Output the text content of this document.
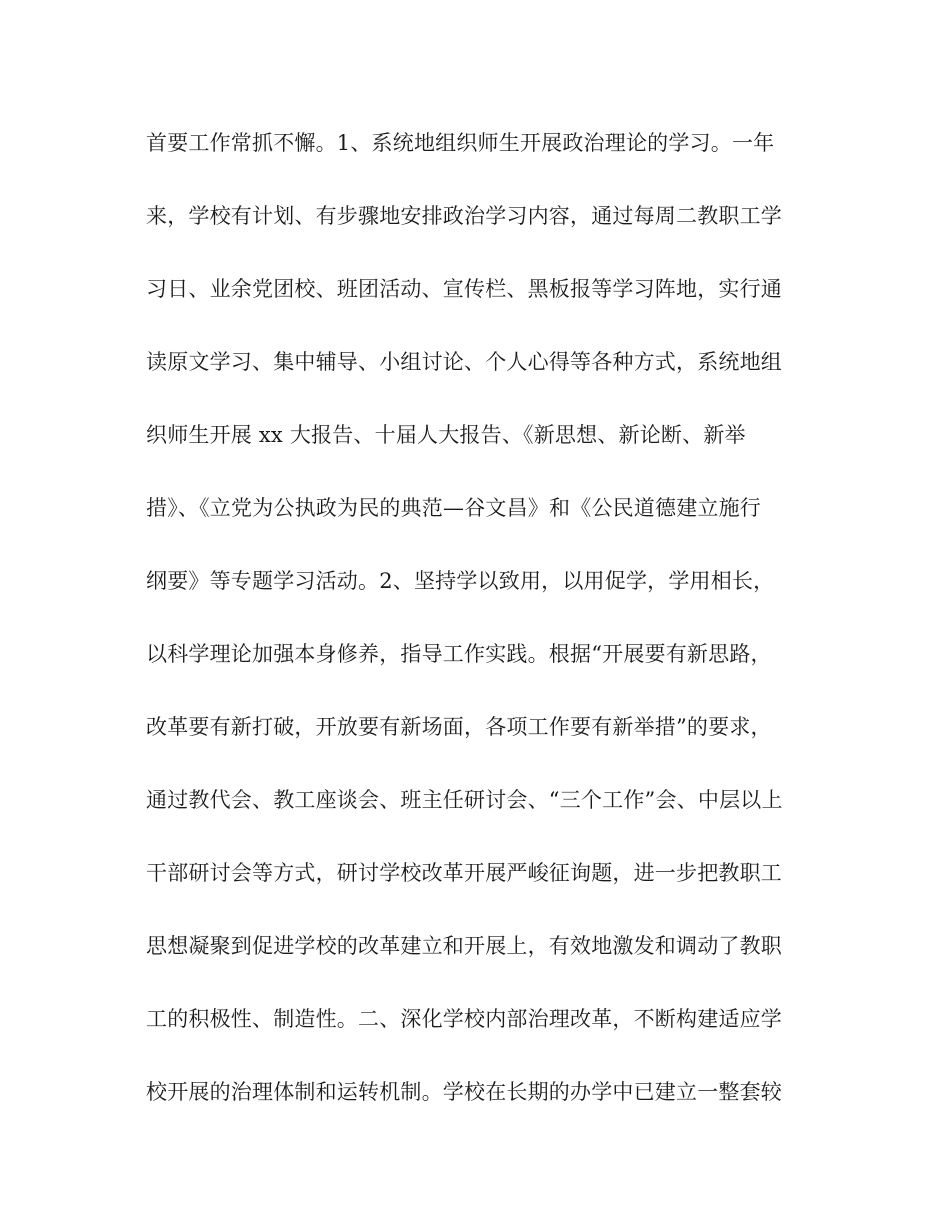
首要工作常抓不懈。1、系统地组织师生开展政治理论的学习。一年
来，学校有计划、有步骤地安排政治学习内容，通过每周二教职工学
习日、业余党团校、班团活动、宣传栏、黑板报等学习阵地，实行通
读原文学习、集中辅导、小组讨论、个人心得等各种方式，系统地组
织师生开展 xx 大报告、十届人大报告、《新思想、新论断、新举
措》、《立党为公执政为民的典范—谷文昌》和《公民道德建立施行
纲要》等专题学习活动。2、坚持学以致用，以用促学，学用相长，
以科学理论加强本身修养，指导工作实践。根据“开展要有新思路，
改革要有新打破，开放要有新场面，各项工作要有新举措”的要求，
通过教代会、教工座谈会、班主任研讨会、“三个工作”会、中层以上
干部研讨会等方式，研讨学校改革开展严峻征询题，进一步把教职工
思想凝聚到促进学校的改革建立和开展上，有效地激发和调动了教职
工的积极性、制造性。二、深化学校内部治理改革，不断构建适应学
校开展的治理体制和运转机制。学校在长期的办学中已建立一整套较
